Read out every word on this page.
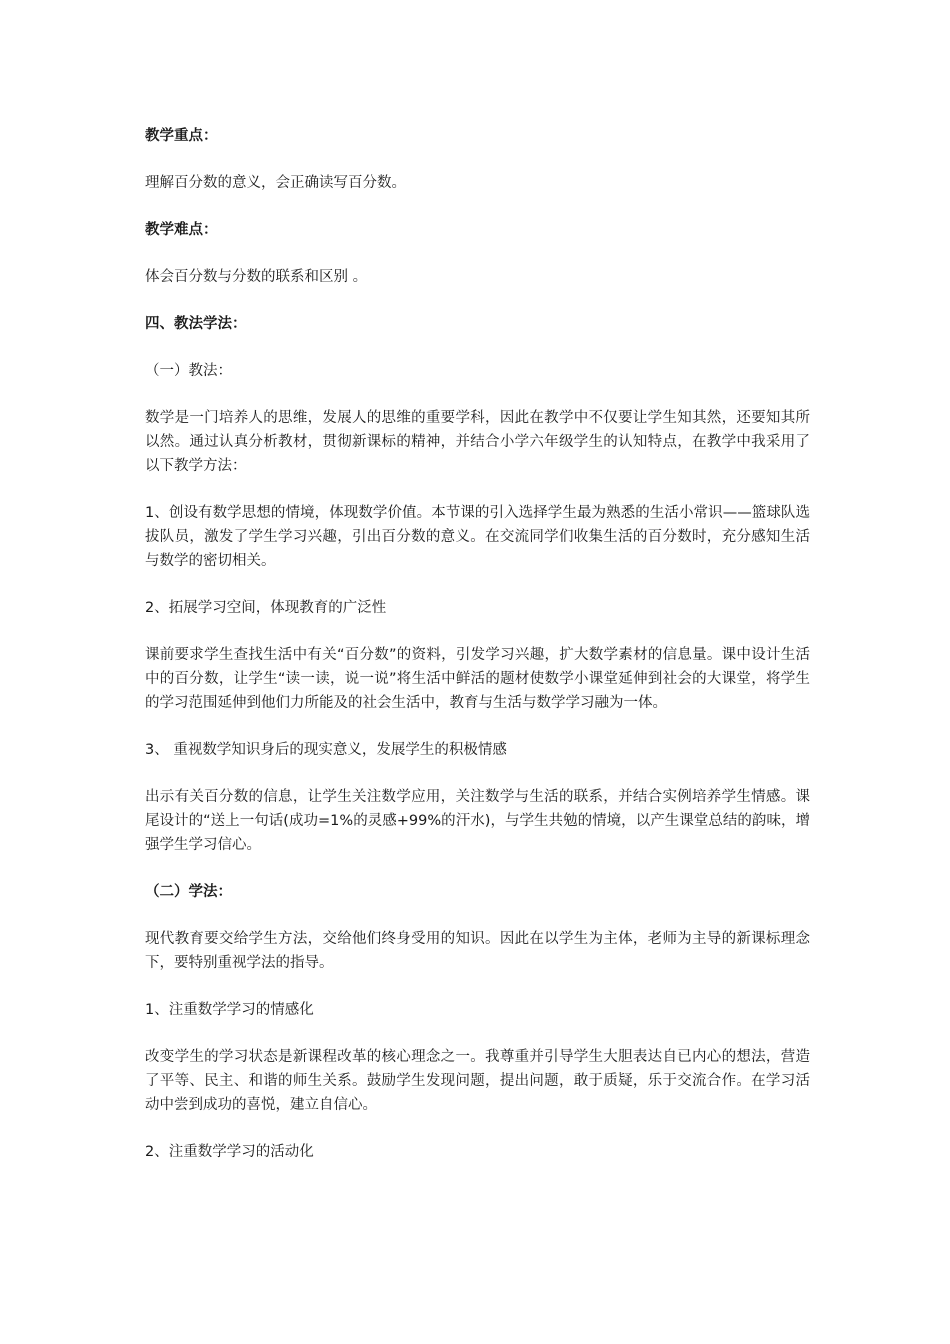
教学重点：

理解百分数的意义，会正确读写百分数。

教学难点：

体会百分数与分数的联系和区别 。

四、教法学法：

（一）教法：

数学是一门培养人的思维，发展人的思维的重要学科，因此在教学中不仅要让学生知其然，还要知其所以然。通过认真分析教材，贯彻新课标的精神，并结合小学六年级学生的认知特点，在教学中我采用了以下教学方法：

1、创设有数学思想的情境，体现数学价值。本节课的引入选择学生最为熟悉的生活小常识——篮球队选拔队员，激发了学生学习兴趣，引出百分数的意义。在交流同学们收集生活的百分数时，充分感知生活与数学的密切相关。

2、拓展学习空间，体现教育的广泛性

课前要求学生查找生活中有关“百分数”的资料，引发学习兴趣，扩大数学素材的信息量。课中设计生活中的百分数，让学生“读一读，说一说”将生活中鲜活的题材使数学小课堂延伸到社会的大课堂，将学生的学习范围延伸到他们力所能及的社会生活中，教育与生活与数学学习融为一体。

3、 重视数学知识身后的现实意义，发展学生的积极情感

出示有关百分数的信息，让学生关注数学应用，关注数学与生活的联系，并结合实例培养学生情感。课尾设计的“送上一句话(成功=1%的灵感+99%的汗水)，与学生共勉的情境，以产生课堂总结的韵味，增强学生学习信心。

（二）学法：

现代教育要交给学生方法，交给他们终身受用的知识。因此在以学生为主体，老师为主导的新课标理念下，要特别重视学法的指导。

1、注重数学学习的情感化

改变学生的学习状态是新课程改革的核心理念之一。我尊重并引导学生大胆表达自已内心的想法，营造了平等、民主、和谐的师生关系。鼓励学生发现问题，提出问题，敢于质疑，乐于交流合作。在学习活动中尝到成功的喜悦，建立自信心。

2、注重数学学习的活动化
